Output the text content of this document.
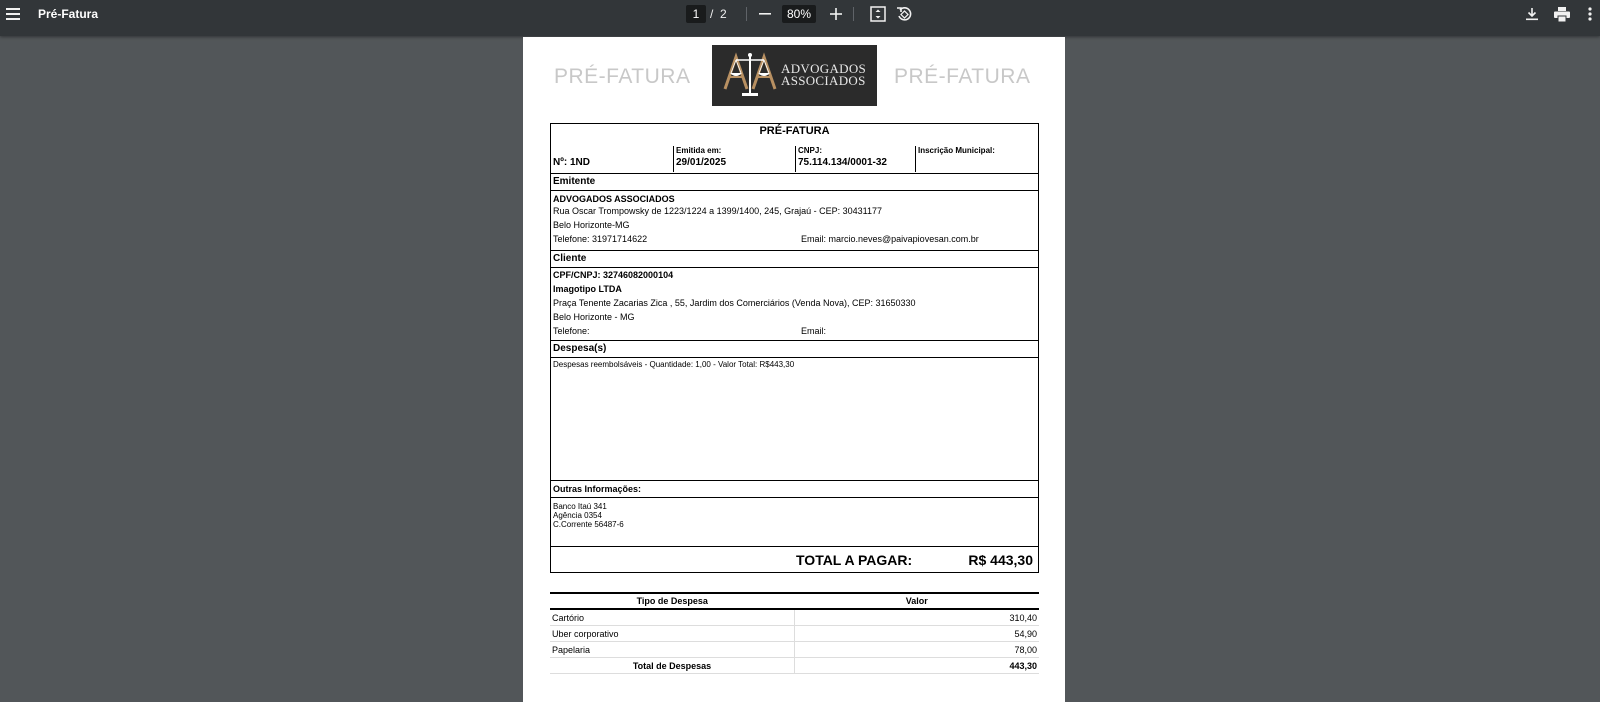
Pré-Fatura	1 / 2	80%
PRÉ-FATURA	PRÉ-FATURA
ADVOGADOS
ASSOCIADOS
PRÉ-FATURA
Nº: 1ND
Emitida em:
29/01/2025
CNPJ:
75.114.134/0001-32
Inscrição Municipal:
Emitente
ADVOGADOS ASSOCIADOS
Rua Oscar Trompowsky de 1223/1224 a 1399/1400, 245, Grajaú - CEP: 30431177
Belo Horizonte-MG
Telefone: 31971714622	Email: marcio.neves@paivapiovesan.com.br
Cliente
CPF/CNPJ: 32746082000104
Imagotipo LTDA
Praça Tenente Zacarias Zica , 55, Jardim dos Comerciários (Venda Nova), CEP: 31650330
Belo Horizonte - MG
Telefone:	Email:
Despesa(s)
Despesas reembolsáveis - Quantidade: 1,00 - Valor Total: R$443,30
Outras Informações:
Banco Itaú 341
Agência 0354
C.Corrente 56487-6
TOTAL A PAGAR:	R$ 443,30
Tipo de Despesa	Valor
Cartório	310,40
Uber corporativo	54,90
Papelaria	78,00
Total de Despesas	443,30
